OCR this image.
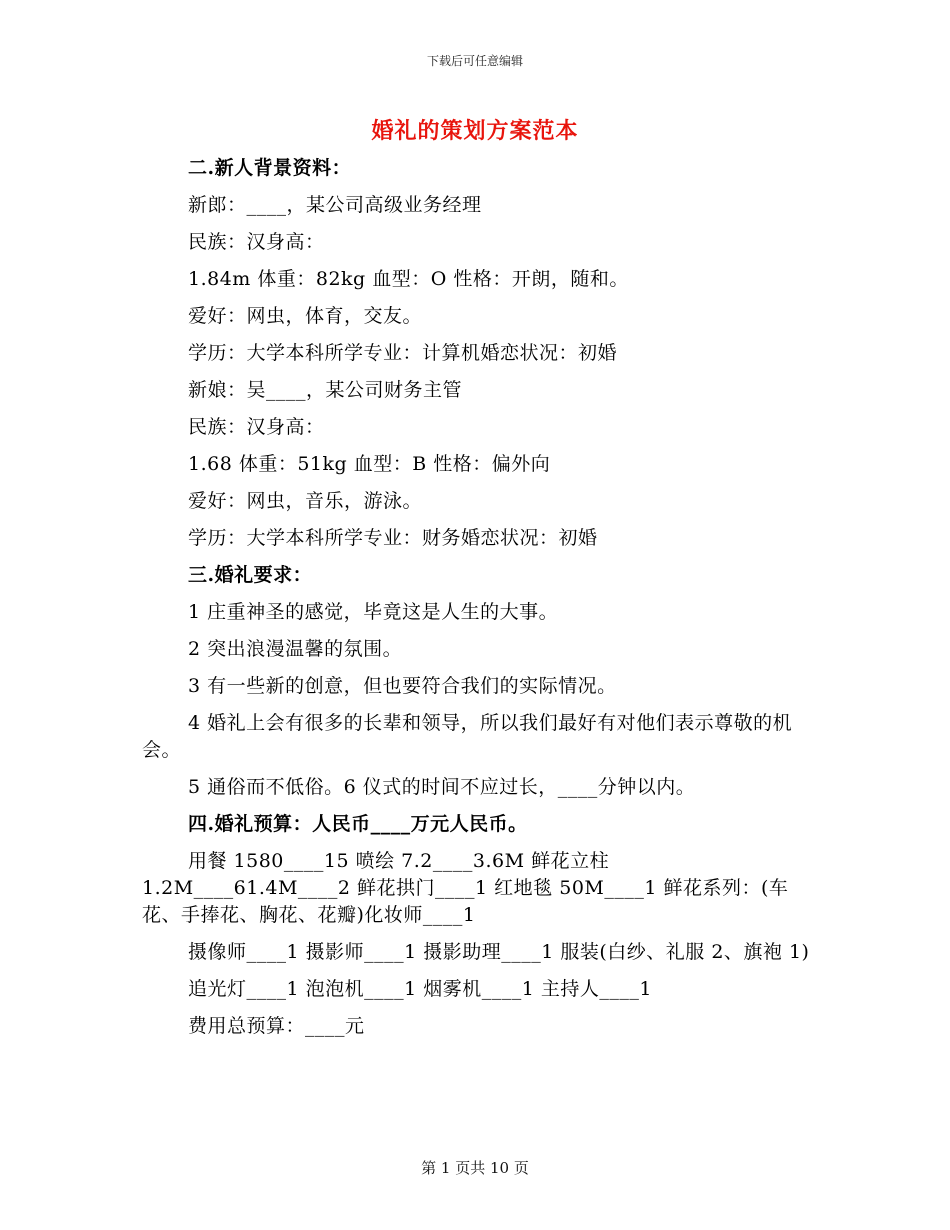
下载后可任意编辑
婚礼的策划方案范本

二.新人背景资料：

新郎：____，某公司高级业务经理

民族：汉身高：

1.84m 体重：82kg 血型：O 性格：开朗，随和。

爱好：网虫，体育，交友。

学历：大学本科所学专业：计算机婚恋状况：初婚

新娘：吴____，某公司财务主管

民族：汉身高：

1.68 体重：51kg 血型：B 性格：偏外向

爱好：网虫，音乐，游泳。

学历：大学本科所学专业：财务婚恋状况：初婚

三.婚礼要求：

1 庄重神圣的感觉，毕竟这是人生的大事。

2 突出浪漫温馨的氛围。

3 有一些新的创意，但也要符合我们的实际情况。

4 婚礼上会有很多的长辈和领导，所以我们最好有对他们表示尊敬的机会。

5 通俗而不低俗。6 仪式的时间不应过长，____分钟以内。

四.婚礼预算：人民币____万元人民币。

用餐 1580____15 喷绘 7.2____3.6M 鲜花立柱 1.2M____61.4M____2 鲜花拱门____1 红地毯 50M____1 鲜花系列：(车花、手捧花、胸花、花瓣)化妆师____1

摄像师____1 摄影师____1 摄影助理____1 服装(白纱、礼服 2、旗袍 1)

追光灯____1 泡泡机____1 烟雾机____1 主持人____1

费用总预算：____元

第 1 页共 10 页
